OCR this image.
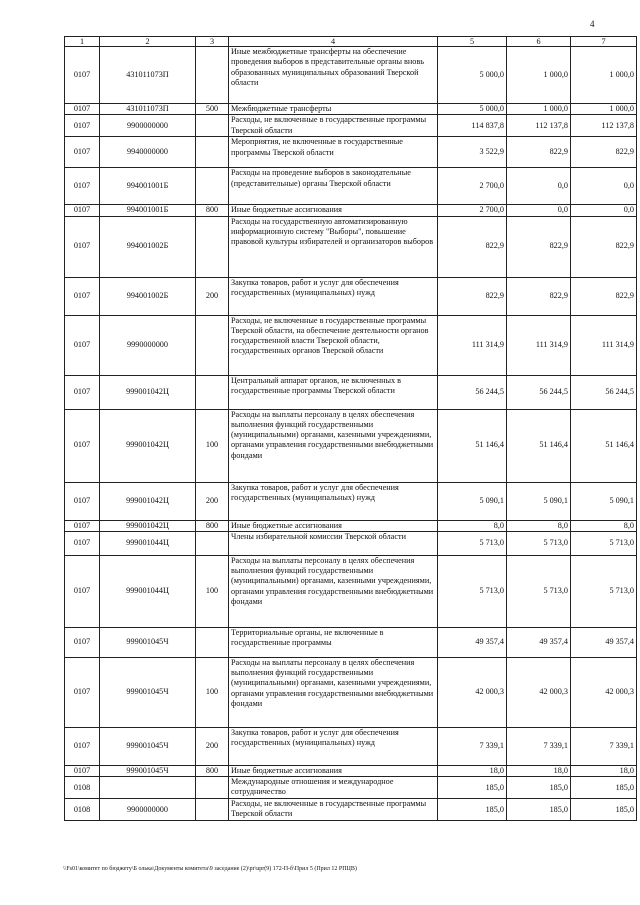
4
1	2	3	4	5	6	7
0107	431011073П		Иные межбюджетные трансферты на обеспечение проведения выборов в представительные органы вновь образованных муниципальных образований Тверской области	5 000,0	1 000,0	1 000,0
0107	431011073П	500	Межбюджетные трансферты	5 000,0	1 000,0	1 000,0
0107	9900000000		Расходы, не включенные в государственные программы Тверской области	114 837,8	112 137,8	112 137,8
0107	9940000000		Мероприятия, не включенные в государственные программы Тверской области	3 522,9	822,9	822,9
0107	994001001Б		Расходы на проведение выборов в законодательные (представительные) органы Тверской области	2 700,0	0,0	0,0
0107	994001001Б	800	Иные бюджетные ассигнования	2 700,0	0,0	0,0
0107	994001002Б		Расходы на государственную автоматизированную информационную систему "Выборы", повышение правовой культуры избирателей и организаторов выборов	822,9	822,9	822,9
0107	994001002Б	200	Закупка товаров, работ и услуг для обеспечения государственных (муниципальных) нужд	822,9	822,9	822,9
0107	9990000000		Расходы, не включенные в государственные программы Тверской области, на обеспечение деятельности органов государственной власти Тверской области, государственных органов Тверской области	111 314,9	111 314,9	111 314,9
0107	999001042Ц		Центральный аппарат органов, не включенных в государственные программы Тверской области	56 244,5	56 244,5	56 244,5
0107	999001042Ц	100	Расходы на выплаты персоналу в целях обеспечения выполнения функций государственными (муниципальными) органами, казенными учреждениями, органами управления государственными внебюджетными фондами	51 146,4	51 146,4	51 146,4
0107	999001042Ц	200	Закупка товаров, работ и услуг для обеспечения государственных (муниципальных) нужд	5 090,1	5 090,1	5 090,1
0107	999001042Ц	800	Иные бюджетные ассигнования	8,0	8,0	8,0
0107	999001044Ц		Члены избирательной комиссии Тверской области	5 713,0	5 713,0	5 713,0
0107	999001044Ц	100	Расходы на выплаты персоналу в целях обеспечения выполнения функций государственными (муниципальными) органами, казенными учреждениями, органами управления государственными внебюджетными фондами	5 713,0	5 713,0	5 713,0
0107	999001045Ч		Территориальные органы, не включенные в государственные программы	49 357,4	49 357,4	49 357,4
0107	999001045Ч	100	Расходы на выплаты персоналу в целях обеспечения выполнения функций государственными (муниципальными) органами, казенными учреждениями, органами управления государственными внебюджетными фондами	42 000,3	42 000,3	42 000,3
0107	999001045Ч	200	Закупка товаров, работ и услуг для обеспечения государственных (муниципальных) нужд	7 339,1	7 339,1	7 339,1
0107	999001045Ч	800	Иные бюджетные ассигнования	18,0	18,0	18,0
0108			Международные отношения и международное сотрудничество	185,0	185,0	185,0
0108	9900000000		Расходы, не включенные в государственные программы Тверской области	185,0	185,0	185,0
\\Fs01\комитет по бюджету\Б олька\Документы комитета\9 заседание (2)\pr\upr(9) 172-П-б\Прил 5 (Прил 12 РПЦВ)
